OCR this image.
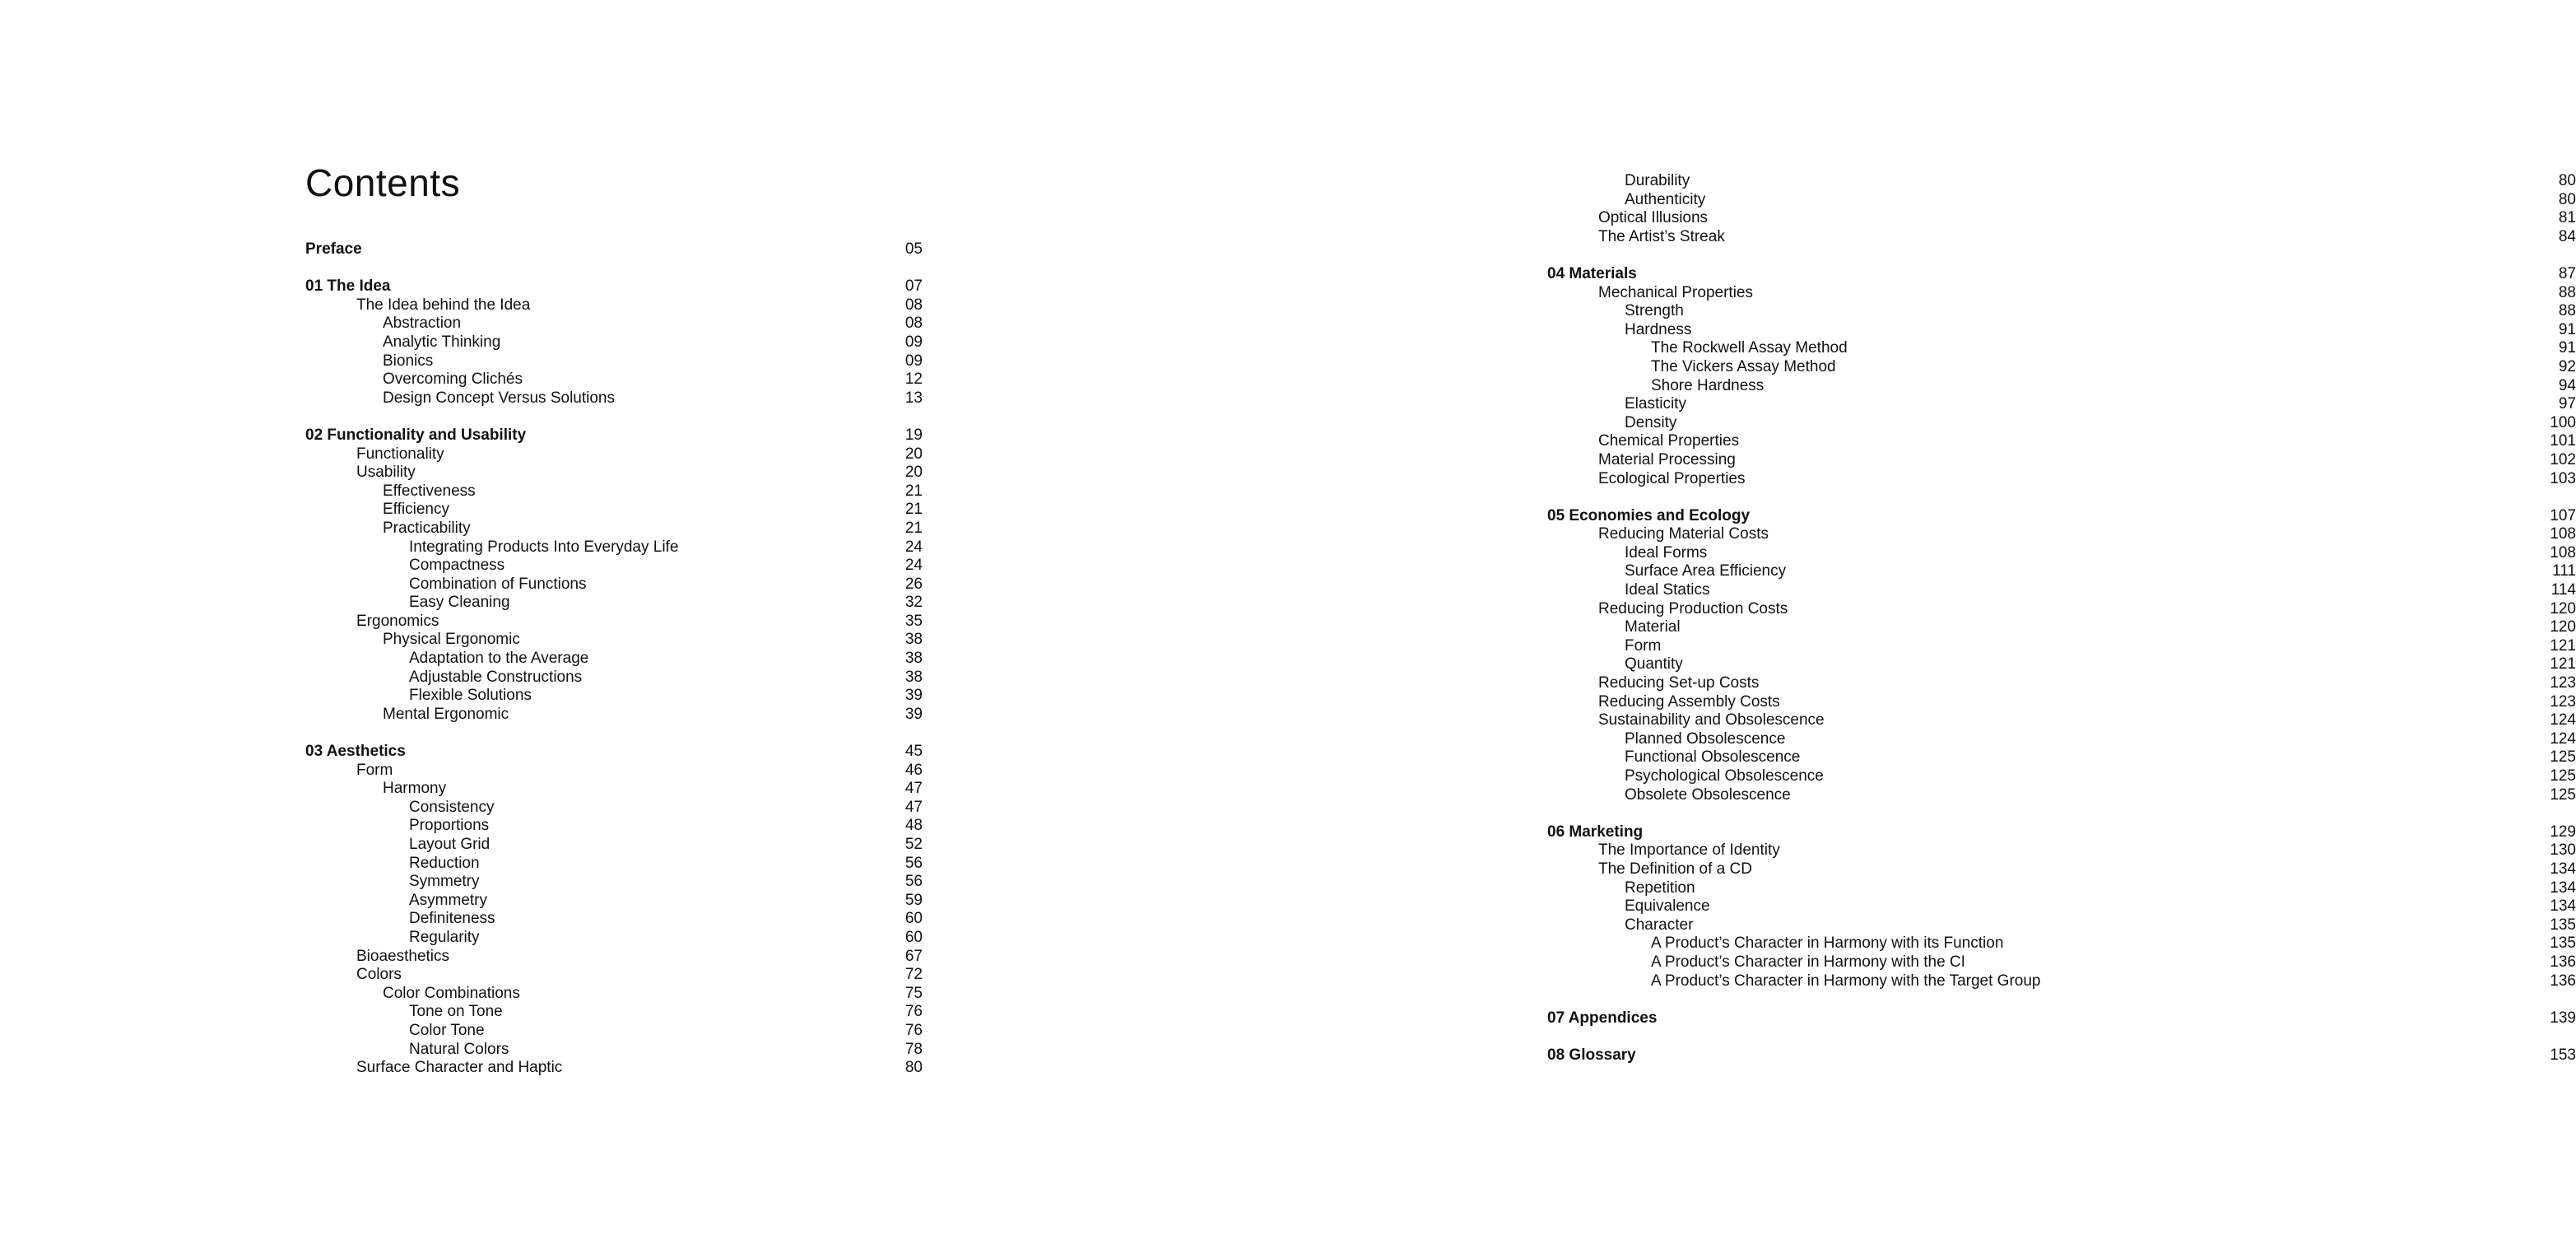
Contents
Preface	05
01 The Idea	07
The Idea behind the Idea	08
Abstraction	08
Analytic Thinking	09
Bionics	09
Overcoming Clichés	12
Design Concept Versus Solutions	13
02 Functionality and Usability	19
Functionality	20
Usability	20
Effectiveness	21
Efficiency	21
Practicability	21
Integrating Products Into Everyday Life	24
Compactness	24
Combination of Functions	26
Easy Cleaning	32
Ergonomics	35
Physical Ergonomic	38
Adaptation to the Average	38
Adjustable Constructions	38
Flexible Solutions	39
Mental Ergonomic	39
03 Aesthetics	45
Form	46
Harmony	47
Consistency	47
Proportions	48
Layout Grid	52
Reduction	56
Symmetry	56
Asymmetry	59
Definiteness	60
Regularity	60
Bioaesthetics	67
Colors	72
Color Combinations	75
Tone on Tone	76
Color Tone	76
Natural Colors	78
Surface Character and Haptic	80
Durability	80
Authenticity	80
Optical Illusions	81
The Artist’s Streak	84
04 Materials	87
Mechanical Properties	88
Strength	88
Hardness	91
The Rockwell Assay Method	91
The Vickers Assay Method	92
Shore Hardness	94
Elasticity	97
Density	100
Chemical Properties	101
Material Processing	102
Ecological Properties	103
05 Economies and Ecology	107
Reducing Material Costs	108
Ideal Forms	108
Surface Area Efficiency	111
Ideal Statics	114
Reducing Production Costs	120
Material	120
Form	121
Quantity	121
Reducing Set-up Costs	123
Reducing Assembly Costs	123
Sustainability and Obsolescence	124
Planned Obsolescence	124
Functional Obsolescence	125
Psychological Obsolescence	125
Obsolete Obsolescence	125
06 Marketing	129
The Importance of Identity	130
The Definition of a CD	134
Repetition	134
Equivalence	134
Character	135
A Product’s Character in Harmony with its Function	135
A Product’s Character in Harmony with the CI	136
A Product’s Character in Harmony with the Target Group	136
07 Appendices	139
08 Glossary	153
